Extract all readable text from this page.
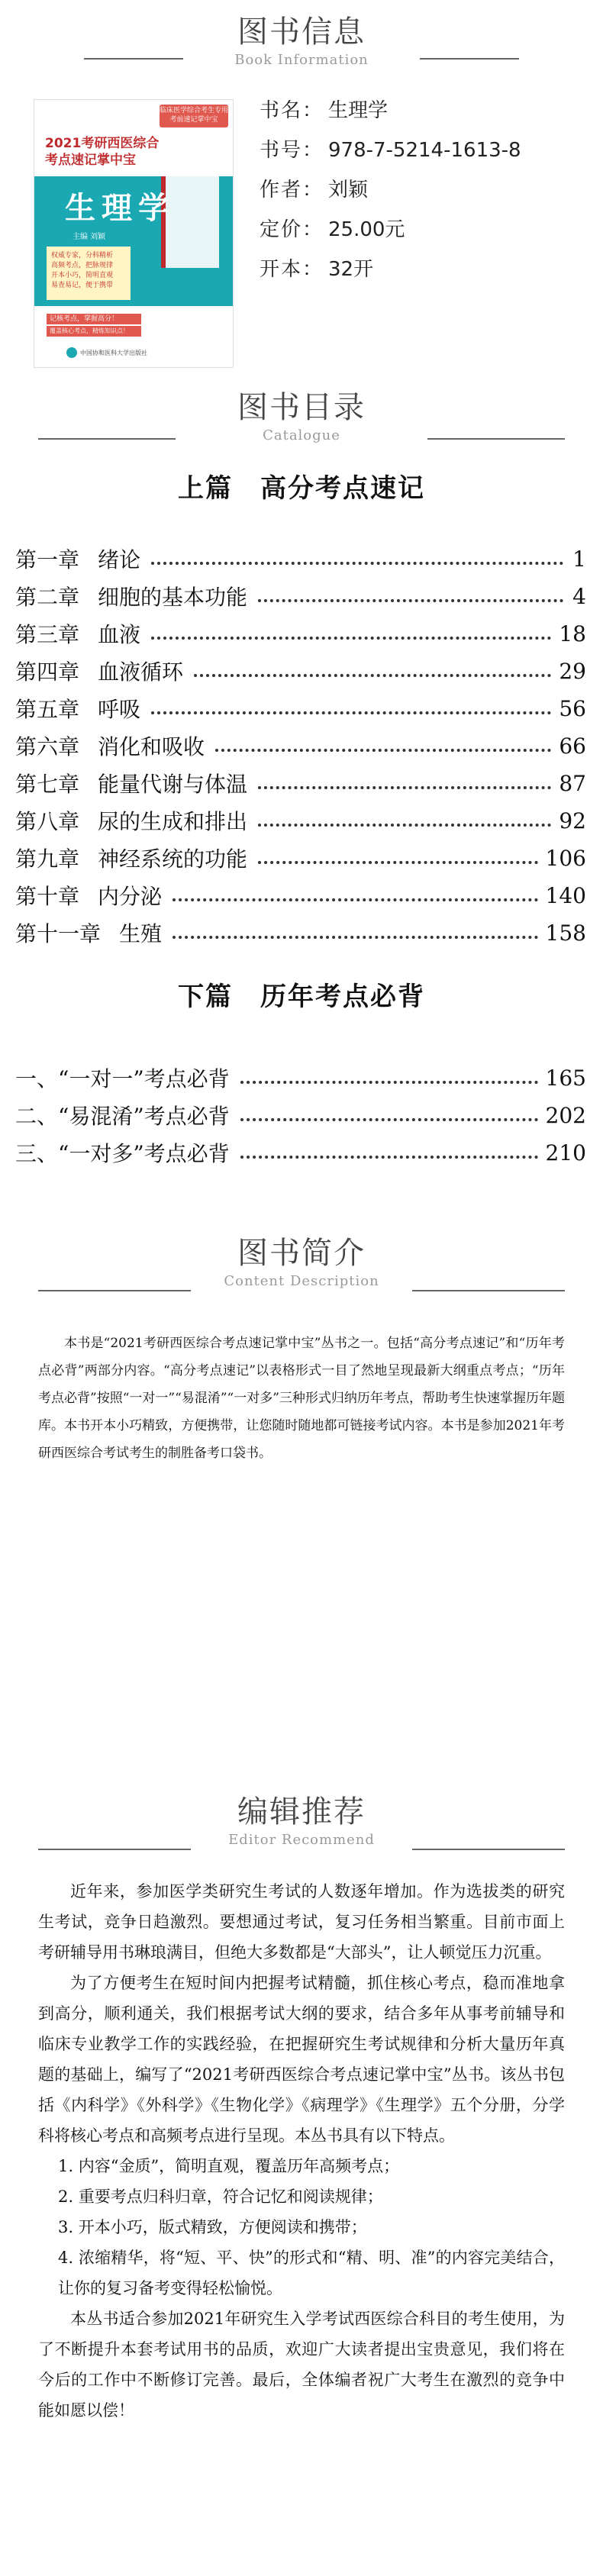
图书信息
Book Information
临床医学综合考生专用 考前速记掌中宝
2021考研西医综合
考点速记掌中宝
生理学
主编 刘颖
权威专家，分科精析
高频考点，把脉规律
开本小巧，简明直观
易查易记，便于携带
记核考点，掌握高分！
覆盖核心考点，精炼知识点！
中国协和医科大学出版社
书名： 生理学
书号： 978-7-5214-1613-8
作者： 刘颖
定价： 25.00元
开本： 32开
图书目录
Catalogue
上篇　高分考点速记
第一章 绪论	1
第二章 细胞的基本功能	4
第三章 血液	18
第四章 血液循环	29
第五章 呼吸	56
第六章 消化和吸收	66
第七章 能量代谢与体温	87
第八章 尿的生成和排出	92
第九章 神经系统的功能	106
第十章 内分泌	140
第十一章 生殖	158
下篇　历年考点必背
一、 “一对一”考点必背	165
二、 “易混淆”考点必背	202
三、 “一对多”考点必背	210
图书简介
Content Description
本书是“2021考研西医综合考点速记掌中宝”丛书之一。包括“高分考点速记”和“历年考点必背”两部分内容。“高分考点速记”以表格形式一目了然地呈现最新大纲重点考点；“历年考点必背”按照“一对一”“易混淆”“一对多”三种形式归纳历年考点，帮助考生快速掌握历年题库。本书开本小巧精致，方便携带，让您随时随地都可链接考试内容。本书是参加2021年考研西医综合考试考生的制胜备考口袋书。
编辑推荐
Editor Recommend

近年来，参加医学类研究生考试的人数逐年增加。作为选拔类的研究生考试，竞争日趋激烈。要想通过考试，复习任务相当繁重。目前市面上考研辅导用书琳琅满目，但绝大多数都是“大部头”，让人顿觉压力沉重。

为了方便考生在短时间内把握考试精髓，抓住核心考点，稳而准地拿到高分，顺利通关，我们根据考试大纲的要求，结合多年从事考前辅导和临床专业教学工作的实践经验，在把握研究生考试规律和分析大量历年真题的基础上，编写了“2021考研西医综合考点速记掌中宝”丛书。该丛书包括《内科学》《外科学》《生物化学》《病理学》《生理学》五个分册，分学科将核心考点和高频考点进行呈现。本丛书具有以下特点。

1. 内容“金质”，简明直观，覆盖历年高频考点；

2. 重要考点归科归章，符合记忆和阅读规律；

3. 开本小巧，版式精致，方便阅读和携带；

4. 浓缩精华，将“短、平、快”的形式和“精、明、准”的内容完美结合，让你的复习备考变得轻松愉悦。

本丛书适合参加2021年研究生入学考试西医综合科目的考生使用，为了不断提升本套考试用书的品质，欢迎广大读者提出宝贵意见，我们将在今后的工作中不断修订完善。最后，全体编者祝广大考生在激烈的竞争中能如愿以偿！
